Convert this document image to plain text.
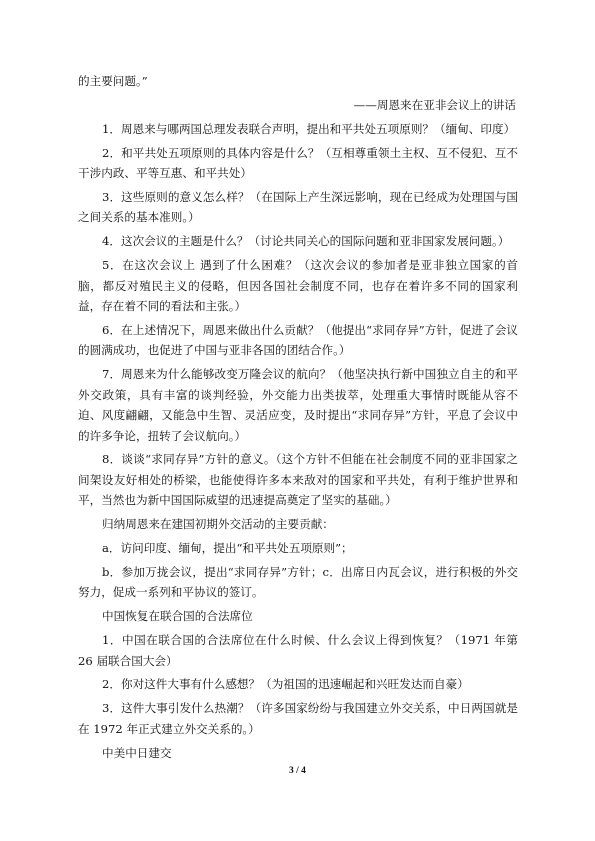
的主要问题。”

——周恩来在亚非会议上的讲话

1．周恩来与哪两国总理发表联合声明，提出和平共处五项原则？（缅甸、印度）

2．和平共处五项原则的具体内容是什么？（互相尊重领土主权、互不侵犯、互不干涉内政、平等互惠、和平共处）

3．这些原则的意义怎么样？（在国际上产生深远影响，现在已经成为处理国与国之间关系的基本准则。）

4．这次会议的主题是什么？（讨论共同关心的国际问题和亚非国家发展问题。）

5．在这次会议上 遇到了什么困难？（这次会议的参加者是亚非独立国家的首脑，都反对殖民主义的侵略，但因各国社会制度不同，也存在着许多不同的国家利益，存在着不同的看法和主张。）

6．在上述情况下，周恩来做出什么贡献？（他提出“求同存异”方针，促进了会议的圆满成功，也促进了中国与亚非各国的团结合作。）

7．周恩来为什么能够改变万隆会议的航向？（他坚决执行新中国独立自主的和平外交政策，具有丰富的谈判经验，外交能力出类拔萃，处理重大事情时既能从容不迫、风度翩翩，又能急中生智、灵活应变，及时提出“求同存异”方针，平息了会议中的许多争论，扭转了会议航向。）

8．谈谈“求同存异”方针的意义。（这个方针不但能在社会制度不同的亚非国家之间架设友好相处的桥梁，也能使得许多本来敌对的国家和平共处，有利于维护世界和平，当然也为新中国国际威望的迅速提高奠定了坚实的基础。）

归纳周恩来在建国初期外交活动的主要贡献：

a．访问印度、缅甸，提出“和平共处五项原则”；

b．参加万拢会议，提出“求同存异”方针；c．出席日内瓦会议，进行积极的外交努力，促成一系列和平协议的签订。

中国恢复在联合国的合法席位

1．中国在联合国的合法席位在什么时候、什么会议上得到恢复？（1971 年第 26 届联合国大会）

2．你对这件大事有什么感想？（为祖国的迅速崛起和兴旺发达而自豪）

3．这件大事引发什么热潮？（许多国家纷纷与我国建立外交关系，中日两国就是在 1972 年正式建立外交关系的。）

中美中日建交

3 / 4
